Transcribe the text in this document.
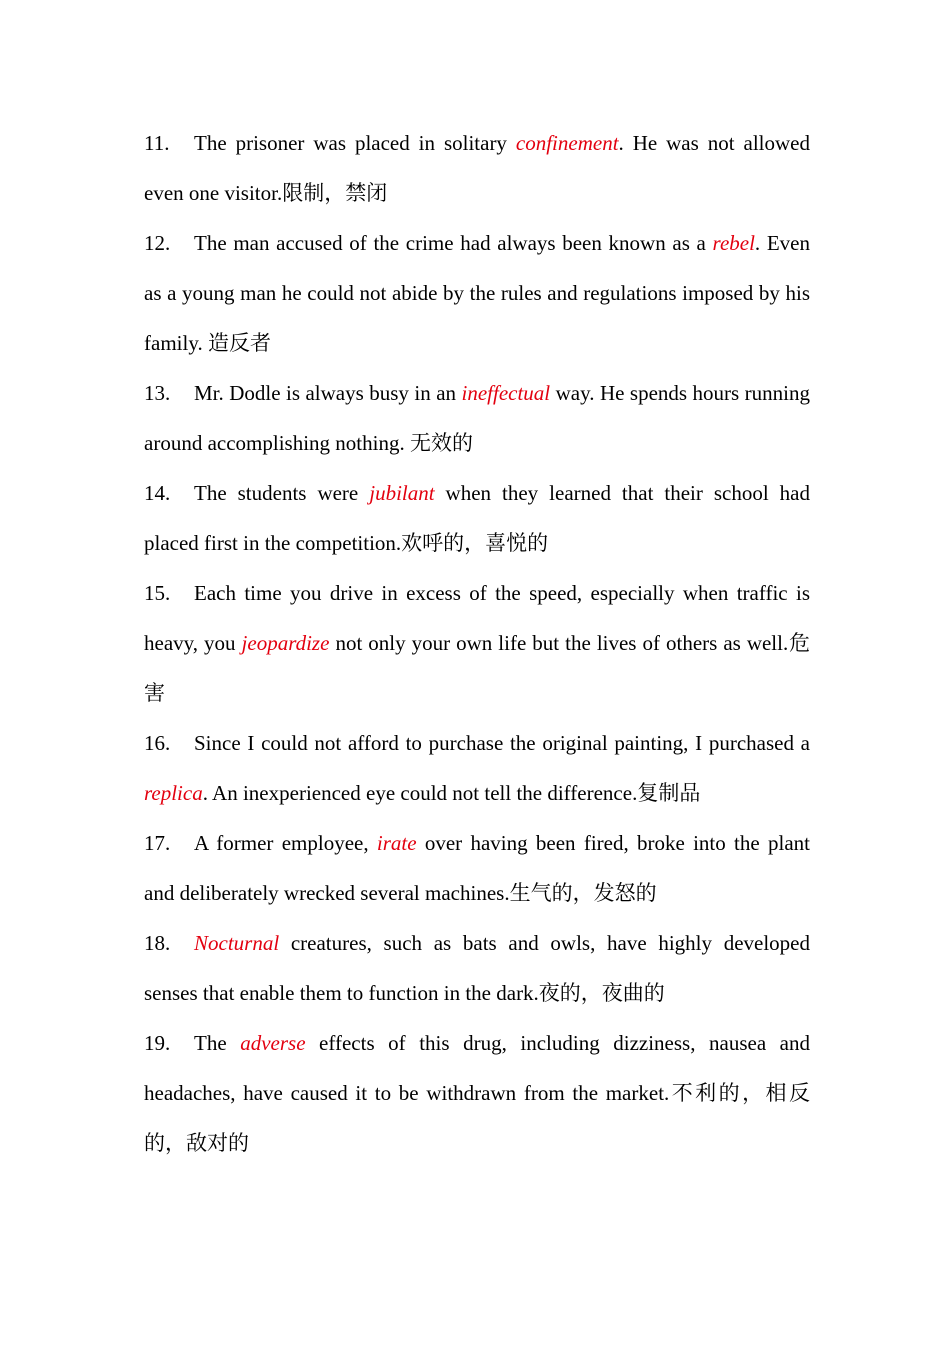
11. The prisoner was placed in solitary confinement. He was not allowed even one visitor.限制，禁闭

12. The man accused of the crime had always been known as a rebel. Even as a young man he could not abide by the rules and regulations imposed by his family. 造反者

13. Mr. Dodle is always busy in an ineffectual way. He spends hours running around accomplishing nothing. 无效的

14. The students were jubilant when they learned that their school had placed first in the competition.欢呼的，喜悦的

15. Each time you drive in excess of the speed, especially when traffic is heavy, you jeopardize not only your own life but the lives of others as well.危害

16. Since I could not afford to purchase the original painting, I purchased a replica. An inexperienced eye could not tell the difference.复制品

17. A former employee, irate over having been fired, broke into the plant and deliberately wrecked several machines.生气的，发怒的

18. Nocturnal creatures, such as bats and owls, have highly developed senses that enable them to function in the dark.夜的，夜曲的

19. The adverse effects of this drug, including dizziness, nausea and headaches, have caused it to be withdrawn from the market.不利的，相反的，敌对的
